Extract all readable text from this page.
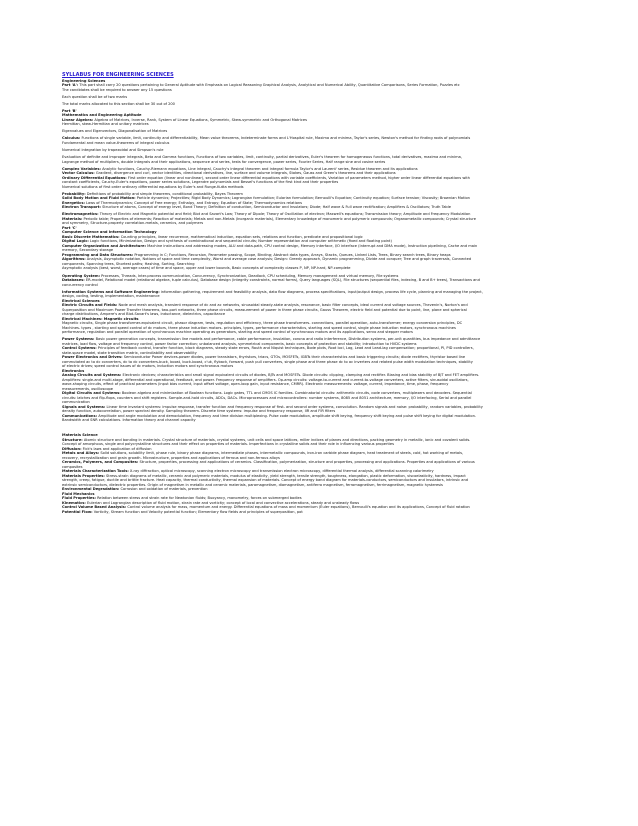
SYLLABUS FOR ENGINEERING SCIENCES
Engineering Sciences
Part 'A': This part shall carry 20 questions pertaining to General Aptitude with Emphasis on Logical Reasoning Graphical Analysis, Analytical and Numerical Ability, Quantitative Comparisons, Series Formation, Puzzles etc
The candidates shall be required to answer any 15 questions
Each question shall be of two marks
The total marks allocated to this section shall be 30 out of 200
Part 'B'
Mathematics and Engineering Aptitude
Linear Algebra: Algebra of Matrices, Inverse, Rank, System of Linear Equations, Symmetric, Skew-symmetric and Orthogonal Matrices
Hermitian, skew-Hermitian and unitary matrices
Eigenvalues and Eigenvectors, Diagonalisation of Matrices
Calculus: Functions of single variable, limit, continuity and differentiability, Mean value theorems, Indeterminate forms and L'Hospital rule, Maxima and minima, Taylor's series, Newton's method for finding roots of polynomials
Fundamental and mean value-theorems of integral calculus
Numerical integration by trapezoidal and Simpson's rule
Evaluation of definite and improper integrals, Beta and Gamma functions, Functions of two variables, limit, continuity, partial derivatives, Euler's theorem for homogeneous functions, total derivatives, maxima and minima,
Lagrange method of multipliers, double integrals and their applications, sequence and series, tests for convergence, power series, Fourier Series, Half range sine and cosine series
Complex Variables: Analytic functions, Cauchy-Riemann equations, Line integral, Cauchy's integral theorem and integral formula Taylor's and Laurent' series, Residue theorem and its applications
Vector Calculus: Gradient, divergence and curl, vector identities, directional derivatives, line, surface and volume integrals, Stokes, Gauss and Green's theorems and their applications
Ordinary Differential Equations: First order equation (linear and nonlinear), second order linear differential equations with variable coefficients, Variation of parameters method, higher order linear differential equations with
constant coefficients, Cauchy-Euler's equations, power series solutions, Legendre polynomials and Bessel's functions of the first kind and their properties
Numerical solutions of first order ordinary differential equations by Euler's and Runge-Kutta methods
Probability: Definitions of probability and simple theorems, conditional probability, Bayes Theorem
Solid Body Motion and Fluid Motion: Particle dynamics; Projectiles; Rigid Body Dynamics; Lagrangian formulation; Eularian formulation; Bernoulli's Equation; Continuity equation; Surface tension; Viscosity; Brownian Motion
Energetics: Laws of Thermodynamics; Concept of Free energy; Enthalpy, and Entropy; Equation of State; Thermodynamics relations
Electron Transport: Structure of atoms, Concept of energy level, Bond Theory; Definition of conduction, Semiconductor and Insulators; Diode; Half wave & Full wave rectification; Amplifiers & Oscillators; Truth Table
Electromagnetics: Theory of Electric and Magnetic potential and field; Biot and Savart's Law; Theory of Dipole; Theory of Oscillation of electron; Maxwell's equations; Transmission theory; Amplitude and Frequency Modulation
Materials: Periodic table; Properties of elements; Reaction of materials; Metals and non-Metals (Inorganic materials), Elementary knowledge of monomeric and polymeric compounds; Organometallic compounds; Crystal structure
and symmetry, Structure-property correlation-metals, ceramics, and polymers
Part 'C'
Computer Science and Information Technology
Basic Discrete Mathematics: Counting principles, linear recurrence, mathematical induction, equation sets, relations and function, predicate and propositional logic
Digital Logic: Logic functions, Minimization, Design and synthesis of combinational and sequential circuits; Number representation and computer arithmetic (fixed and floating point)
Computer Organization and Architecture: Machine instructions and addressing modes, ALU and data-path, CPU control design, Memory interface, I/O interface (Interrupt and DMA mode), Instruction pipelining, Cache and main
memory, Secondary storage
Programming and Data Structures: Programming in C; Functions, Recursion, Parameter passing, Scope, Binding; Abstract data types, Arrays, Stacks, Queues, Linked Lists, Trees, Binary search trees, Binary heaps
Algorithms: Analysis, Asymptotic notation, Notions of space and time complexity, Worst and average case analysis; Design: Greedy approach, Dynamic programming, Divide and conquer; Tree and graph traversals, Connected
components, Spanning trees, Shortest paths; Hashing, Sorting, Searching
Asymptotic analysis (best, worst, average cases) of time and space, upper and lower bounds, Basic concepts of complexity classes P, NP, NP-hard, NP-complete
Operating System: Processes, Threads, Inter-process communication, Concurrency, Synchronization, Deadlock, CPU scheduling, Memory management and virtual memory, File systems
Databases: ER-model, Relational model (relational algebra, tuple calculus), Database design (integrity constraints, normal forms), Query languages (SQL), File structures (sequential files, indexing, B and B+ trees), Transactions and
concurrency control
Information Systems and Software Engineering: information gathering, requirement and feasibility analysis, data flow diagrams, process specifications, input/output design, process life cycle, planning and managing the project,
design, coding, testing, implementation, maintenance
Electrical Sciences
Electric Circuits and Fields: Node and mesh analysis, transient response of dc and ac networks, sinusoidal steady-state analysis, resonance, basic filter concepts, ideal current and voltage sources, Thevenin's, Norton's and
Superposition and Maximum Power Transfer theorems, two-port networks, three phase circuits, measurement of power in three phase circuits, Gauss Theorem, electric field and potential due to point, line, plane and spherical
charge distributions, Ampere's and Biot-Savart's laws, inductance, dielectrics, capacitance
Electrical Machines: Magnetic circuits
Magnetic circuits, Single phase transformer-equivalent circuit, phasor diagram, tests, regulation and efficiency, three phase transformers- connections, parallel operation, auto-transformer; energy conversion principles, DC
Machines- types , starting and speed control of dc motors, three phase induction motors- principles, types, performance characteristics, starting and speed control, single phase induction motors, synchronous machines
performance, regulation and parallel operation of synchronous machine operating as generators, starting and speed control of synchronous motors and its applications, servo and stepper motors
Power Systems: Basic power generation concepts, transmission line models and performance, cable performance, insulation, corona and radio interference, Distribution systems, per-unit quantities, bus impedance and admittance
matrices, load flow, voltage and frequency control, power factor correction; unbalanced analysis, symmetrical components, basic concepts of protection and stability; introduction to HVDC systems
Control Systems: Principles of feedback control, transfer function, block diagrams, steady state errors, Routh and Niquist techniques, Bode plots, Root loci, Lag, Lead and Lead-lag compensation; proportional, PI, PID controllers,
state-space model, state transition matrix, controllability and observability
Power Electronics and Drives: Semiconductor Power devices-power diodes, power transistors, thyristors, triacs, GTOs, MOSFETs, IGBTs their characteristics and basic triggering circuits; diode rectifiers, thyristor based line
commutated ac to dc converters, dc to dc converters-buck, boost, buck-boost, c'uk, flyback, forward, push pull converters, single phase and three phase dc to ac inverters and related pulse width modulation techniques, stability
of electric drives; speed control issues of dc motors, induction motors and synchronous motors
Electronics
Analog Circuits and Systems: Electronic devices; characteristics and small signal equivalent circuits of diodes, BJTs and MOSFETs. Diode circuits: clipping, clamping and rectifier. Biasing and bias stability of BJT and FET amplifiers.
Amplifiers: single-and multi-stage, differential and operational, feedback, and power. Frequency response of amplifiers. Op-amp circuits: voltage-to-current and current-to-voltage converters, active filters, sinusoidal oscillators,
wave-shaping circuits, effect of practical parameters (input bias current, input offset voltage, open-loop gain, input resistance, CMRR). Electronic measurements: voltage, current, impedance, time, phase, frequency
measurements, oscilloscope
Digital Circuits and Systems: Boolean algebra and minimization of Boolean functions. Logic gates, TTL and CMOS IC families. Combinatorial circuits: arithmetic circuits, code converters, multiplexers and decoders. Sequential
circuits: latches and flip-flops, counters and shift registers. Sample-and-hold circuits, ADCs, DACs. Microprocessors and microcontrollers: number systems, 8085 and 8051 architecture, memory, I/O interfacing, Serial and parallel
communication
Signals and Systems: Linear time invariant systems: impulse response, transfer function and frequency response of first- and second order systems, convolution. Random signals and noise: probability, random variables, probability
density function, autocorrelation, power spectral density. Sampling theorem. Discrete time systems: impulse and frequency response, IIR and FIR filters
Communications: Amplitude and angle modulation and demodulation, frequency and time division multiplexing. Pulse code modulation, amplitude shift keying, frequency shift keying and pulse shift keying for digital modulation.
Bandwidth and SNR calculations. Information theory and channel capacity
Materials Science
Structure: Atomic structure and bonding in materials. Crystal structure of materials, crystal systems, unit cells and space lattices, miller indices of planes and directions, packing geometry in metallic, ionic and covalent solids.
Concept of amorphous, single and polycrystalline structures and their effect on properties of materials. Imperfections in crystalline solids and their role in influencing various properties
Diffusion: Fick's laws and application of diffusion
Metals and Alloys: Solid solutions, solubility limit, phase rule, binary phase diagrams, intermediate phases, intermetallic compounds, iron-iron carbide phase diagram, heat treatment of steels, cold, hot working of metals,
recovery, recrystallization and grain growth. Microstructure, properties and applications of ferrous and non-ferrous alloys
Ceramics, Polymers, and Composites: Structure, properties, processing and applications of ceramics. Classification, polymerization, structure and properties, processing and applications. Properties and applications of various
composites
Materials Characterization Tools: X-ray diffraction, optical microscopy, scanning electron microscopy and transmission electron microscopy, differential thermal analysis, differential scanning calorimetry
Materials Properties: Stress-strain diagrams of metallic, ceramic and polymeric materials, modulus of elasticity, yield strength, tensile strength, toughness, elongation, plastic deformation, viscoelasticity, hardness, impact
strength, creep, fatigue, ductile and brittle fracture. Heat capacity, thermal conductivity, thermal expansion of materials. Concept of energy band diagram for materials-conductors, semiconductors and insulators, intrinsic and
extrinsic semiconductors, dielectric properties. Origin of magnetism in metallic and ceramic materials, paramagnetism, diamagnetism, antiferro magnetism, ferromagnetism, ferrimagnetism, magnetic hysteresis
Environmental Degradation: Corrosion and oxidation of materials, prevention
Fluid Mechanics
Fluid Properties: Relation between stress and strain rate for Newtonian fluids; Buoyancy, manometry, forces on submerged bodies
Kinematics: Eulerian and Lagrangian description of fluid motion, strain rate and vorticity; concept of local and convective accelerations, steady and unsteady flows
Control Volume Based Analysis: Control volume analysis for mass, momentum and energy. Differential equations of mass and momentum (Euler equations), Bernoulli's equation and its applications, Concept of fluid rotation
Potential Flow: Vorticity, Stream function and Velocity potential function; Elementary flow fields and principles of superposition, pot
